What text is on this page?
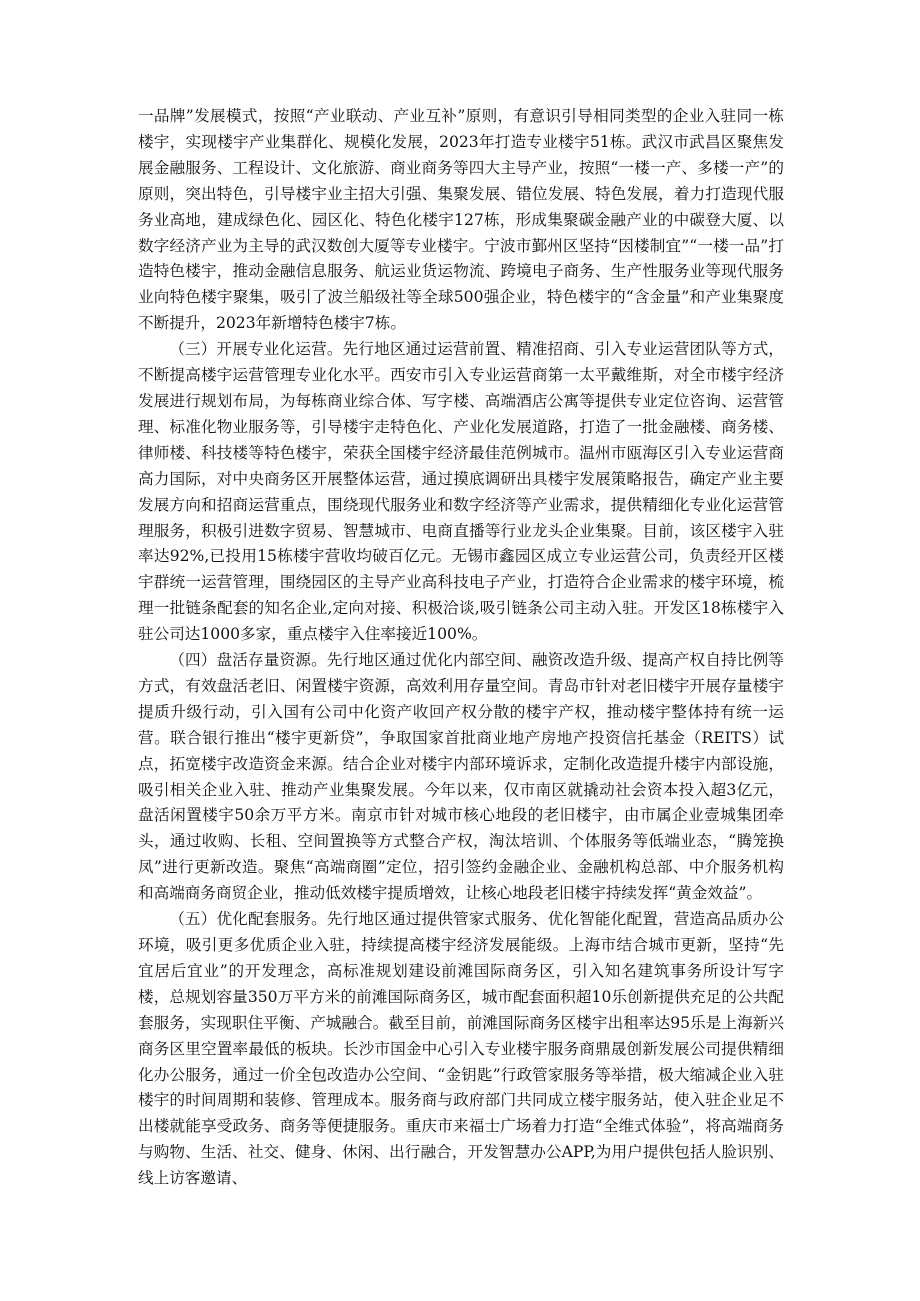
一品牌”发展模式，按照“产业联动、产业互补”原则，有意识引导相同类型的企业入驻同一栋楼宇，实现楼宇产业集群化、规模化发展，2023年打造专业楼宇51栋。武汉市武昌区聚焦发展金融服务、工程设计、文化旅游、商业商务等四大主导产业，按照“一楼一产、多楼一产”的原则，突出特色，引导楼宇业主招大引强、集聚发展、错位发展、特色发展，着力打造现代服务业高地，建成绿色化、园区化、特色化楼宇127栋，形成集聚碳金融产业的中碳登大厦、以数字经济产业为主导的武汉数创大厦等专业楼宇。宁波市鄞州区坚持“因楼制宜”“一楼一品”打造特色楼宇，推动金融信息服务、航运业货运物流、跨境电子商务、生产性服务业等现代服务业向特色楼宇聚集，吸引了波兰船级社等全球500强企业，特色楼宇的“含金量”和产业集聚度不断提升，2023年新增特色楼宇7栋。

（三）开展专业化运营。先行地区通过运营前置、精准招商、引入专业运营团队等方式，不断提高楼宇运营管理专业化水平。西安市引入专业运营商第一太平戴维斯，对全市楼宇经济发展进行规划布局，为每栋商业综合体、写字楼、高端酒店公寓等提供专业定位咨询、运营管理、标准化物业服务等，引导楼宇走特色化、产业化发展道路，打造了一批金融楼、商务楼、律师楼、科技楼等特色楼宇，荣获全国楼宇经济最佳范例城市。温州市瓯海区引入专业运营商高力国际，对中央商务区开展整体运营，通过摸底调研出具楼宇发展策略报告，确定产业主要发展方向和招商运营重点，围绕现代服务业和数字经济等产业需求，提供精细化专业化运营管理服务，积极引进数字贸易、智慧城市、电商直播等行业龙头企业集聚。目前，该区楼宇入驻率达92%,已投用15栋楼宇营收均破百亿元。无锡市鑫园区成立专业运营公司，负责经开区楼宇群统一运营管理，围绕园区的主导产业高科技电子产业，打造符合企业需求的楼宇环境，梳理一批链条配套的知名企业,定向对接、积极洽谈,吸引链条公司主动入驻。开发区18栋楼宇入驻公司达1000多家，重点楼宇入住率接近100%。

（四）盘活存量资源。先行地区通过优化内部空间、融资改造升级、提高产权自持比例等方式，有效盘活老旧、闲置楼宇资源，高效利用存量空间。青岛市针对老旧楼宇开展存量楼宇提质升级行动，引入国有公司中化资产收回产权分散的楼宇产权，推动楼宇整体持有统一运营。联合银行推出“楼宇更新贷”，争取国家首批商业地产房地产投资信托基金（REITS）试点，拓宽楼宇改造资金来源。结合企业对楼宇内部环境诉求，定制化改造提升楼宇内部设施，吸引相关企业入驻、推动产业集聚发展。今年以来，仅市南区就撬动社会资本投入超3亿元，盘活闲置楼宇50余万平方米。南京市针对城市核心地段的老旧楼宇，由市属企业壹城集团牵头，通过收购、长租、空间置换等方式整合产权，淘汰培训、个体服务等低端业态，“腾笼换凤”进行更新改造。聚焦“高端商圈”定位，招引签约金融企业、金融机构总部、中介服务机构和高端商务商贸企业，推动低效楼宇提质增效，让核心地段老旧楼宇持续发挥“黄金效益”。

（五）优化配套服务。先行地区通过提供管家式服务、优化智能化配置，营造高品质办公环境，吸引更多优质企业入驻，持续提高楼宇经济发展能级。上海市结合城市更新，坚持“先宜居后宜业”的开发理念，高标准规划建设前滩国际商务区，引入知名建筑事务所设计写字楼，总规划容量350万平方米的前滩国际商务区，城市配套面积超10乐创新提供充足的公共配套服务，实现职住平衡、产城融合。截至目前，前滩国际商务区楼宇出租率达95乐是上海新兴商务区里空置率最低的板块。长沙市国金中心引入专业楼宇服务商鼎晟创新发展公司提供精细化办公服务，通过一价全包改造办公空间、“金钥匙”行政管家服务等举措，极大缩减企业入驻楼宇的时间周期和装修、管理成本。服务商与政府部门共同成立楼宇服务站，使入驻企业足不出楼就能享受政务、商务等便捷服务。重庆市来福士广场着力打造“全维式体验”，将高端商务与购物、生活、社交、健身、休闲、出行融合，开发智慧办公APP,为用户提供包括人脸识别、线上访客邀请、
